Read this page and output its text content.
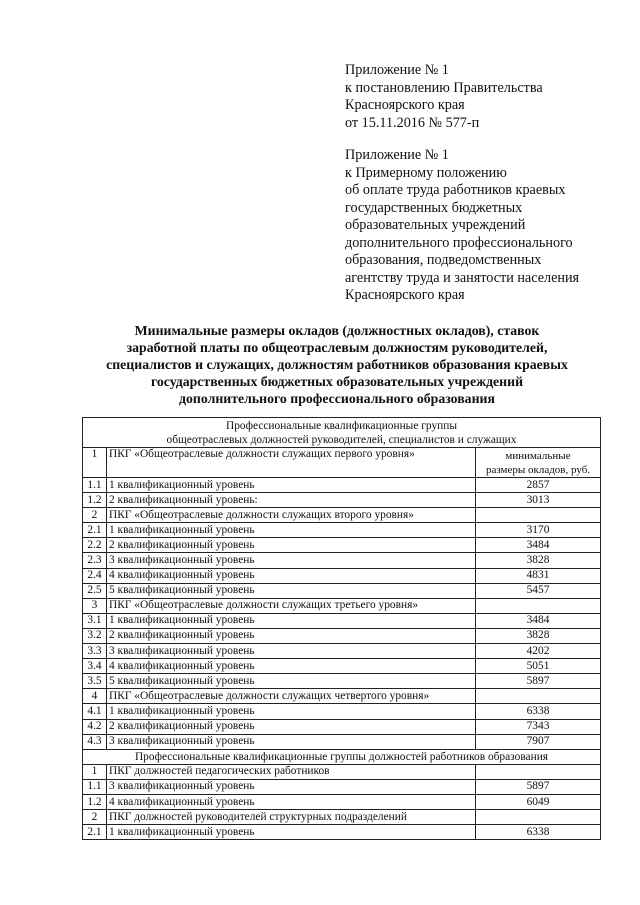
Приложение № 1
к постановлению Правительства
Красноярского края
от 15.11.2016 № 577-п
Приложение № 1
к Примерному положению
об оплате труда работников краевых
государственных бюджетных
образовательных учреждений
дополнительного профессионального
образования, подведомственных
агентству труда и занятости населения
Красноярского края
Минимальные размеры окладов (должностных окладов), ставок
заработной платы по общеотраслевым должностям руководителей,
специалистов и служащих, должностям работников образования краевых
государственных бюджетных образовательных учреждений
дополнительного профессионального образования
Профессиональные квалификационные группы
общеотраслевых должностей руководителей, специалистов и служащих		

1	ПКГ «Общеотраслевые должности служащих первого уровня»	минимальные
размеры окладов, руб.

1.1	1 квалификационный уровень	2857
1.2	2 квалификационный уровень:	3013
2	ПКГ «Общеотраслевые должности служащих второго уровня»	
2.1	1 квалификационный уровень	3170
2.2	2 квалификационный уровень	3484
2.3	3 квалификационный уровень	3828
2.4	4 квалификационный уровень	4831
2.5	5 квалификационный уровень	5457
3	ПКГ «Общеотраслевые должности служащих третьего уровня»	
3.1	1 квалификационный уровень	3484
3.2	2 квалификационный уровень	3828
3.3	3 квалификационный уровень	4202
3.4	4 квалификационный уровень	5051
3.5	5 квалификационный уровень	5897
4	ПКГ «Общеотраслевые должности служащих четвертого уровня»	
4.1	1 квалификационный уровень	6338
4.2	2 квалификационный уровень	7343
4.3	3 квалификационный уровень	7907
Профессиональные квалификационные группы должностей работников образования		
1	ПКГ должностей педагогических работников	
1.1	3 квалификационный уровень	5897
1.2	4 квалификационный уровень	6049
2	ПКГ должностей руководителей структурных подразделений	
2.1	1 квалификационный уровень	6338
